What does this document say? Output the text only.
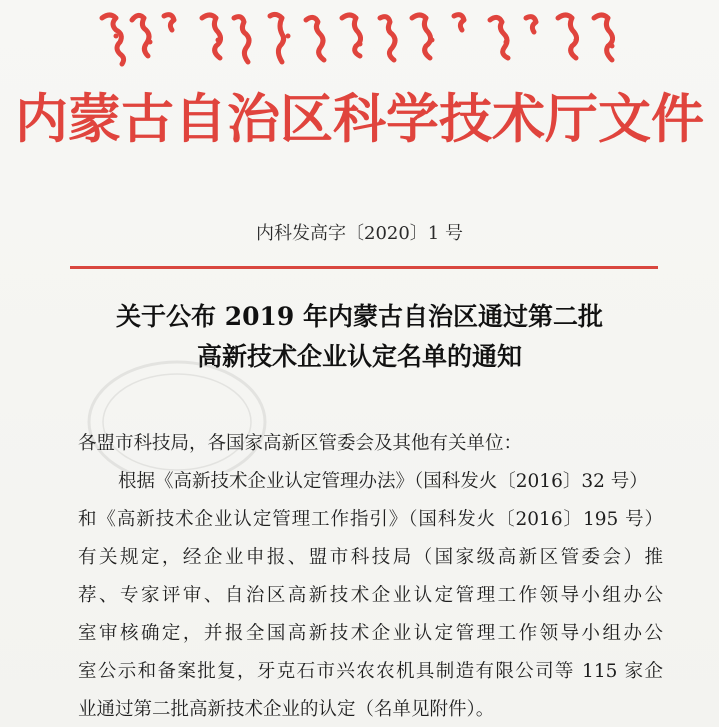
内蒙古自治区科学技术厅文件
内科发高字〔2020〕1 号
关于公布 2019 年内蒙古自治区通过第二批
高新技术企业认定名单的通知

各盟市科技局，各国家高新区管委会及其他有关单位：

根据《高新技术企业认定管理办法》（国科发火〔2016〕32 号）

和《高新技术企业认定管理工作指引》（国科发火〔2016〕195 号）
有关规定，经企业申报、盟市科技局（国家级高新区管委会）推
荐、专家评审、自治区高新技术企业认定管理工作领导小组办公
室审核确定，并报全国高新技术企业认定管理工作领导小组办公
室公示和备案批复，牙克石市兴农农机具制造有限公司等 115 家企

业通过第二批高新技术企业的认定（名单见附件）。
